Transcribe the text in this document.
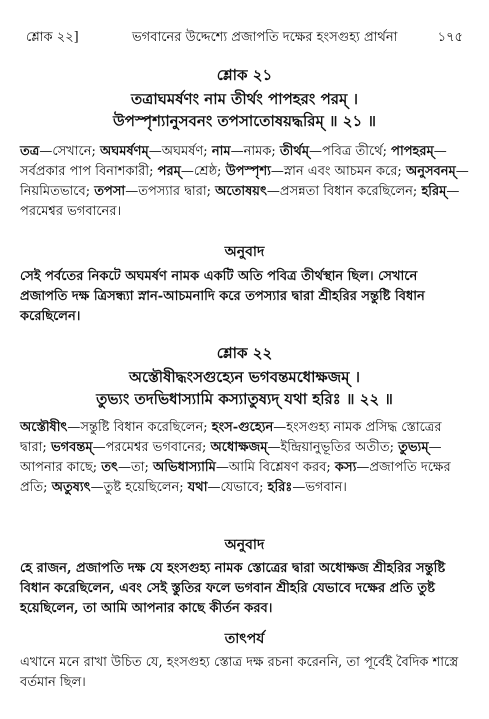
শ্লোক ২২]	ভগবানের উদ্দেশ্যে প্রজাপতি দক্ষের হংসগুহ্য প্রার্থনা	১৭৫

শ্লোক ২১

তত্রাঘমর্ষণং নাম তীর্থং পাপহরং পরম্ ।

উপস্পৃশ্যানুসবনং তপসাতোষয়দ্ধরিম্ ॥ ২১ ॥

তত্র—সেখানে; অঘমর্ষণম্—অঘমর্ষণ; নাম—নামক; তীর্থম্—পবিত্র তীর্থে; পাপহরম্—সর্বপ্রকার পাপ বিনাশকারী; পরম্—শ্রেষ্ঠ; উপস্পৃশ্য—স্নান এবং আচমন করে; অনুসবনম্—নিয়মিতভাবে; তপসা—তপস্যার দ্বারা; অতোষয়ৎ—প্রসন্নতা বিধান করেছিলেন; হরিম্—পরমেশ্বর ভগবানের।

অনুবাদ

সেই পর্বতের নিকটে অঘমর্ষণ নামক একটি অতি পবিত্র তীর্থস্থান ছিল। সেখানে প্রজাপতি দক্ষ ত্রিসন্ধ্যা স্নান-আচমনাদি করে তপস্যার দ্বারা শ্রীহরির সন্তুষ্টি বিধান করেছিলেন।

শ্লোক ২২

অস্তৌষীদ্ধংসগুহ্যেন ভগবন্তমধোক্ষজম্ ।

তুভ্যং তদভিধাস্যামি কস্যাতুষ্যদ্ যথা হরিঃ ॥ ২২ ॥

অস্তৌষীৎ—সন্তুষ্টি বিধান করেছিলেন; হংস-গুহ্যেন—হংসগুহ্য নামক প্রসিদ্ধ স্তোত্রের দ্বারা; ভগবন্তম্—পরমেশ্বর ভগবানের; অধোক্ষজম্—ইন্দ্রিয়ানুভূতির অতীত; তুভ্যম্—আপনার কাছে; তৎ—তা; অভিধাস্যামি—আমি বিশ্লেষণ করব; কস্য—প্রজাপতি দক্ষের প্রতি; অতুষ্যৎ—তুষ্ট হয়েছিলেন; যথা—যেভাবে; হরিঃ—ভগবান।

অনুবাদ

হে রাজন, প্রজাপতি দক্ষ যে হংসগুহ্য নামক স্তোত্রের দ্বারা অধোক্ষজ শ্রীহরির সন্তুষ্টি বিধান করেছিলেন, এবং সেই স্তুতির ফলে ভগবান শ্রীহরি যেভাবে দক্ষের প্রতি তুষ্ট হয়েছিলেন, তা আমি আপনার কাছে কীর্তন করব।

তাৎপর্য

এখানে মনে রাখা উচিত যে, হংসগুহ্য স্তোত্র দক্ষ রচনা করেননি, তা পূর্বেই বৈদিক শাস্ত্রে বর্তমান ছিল।
